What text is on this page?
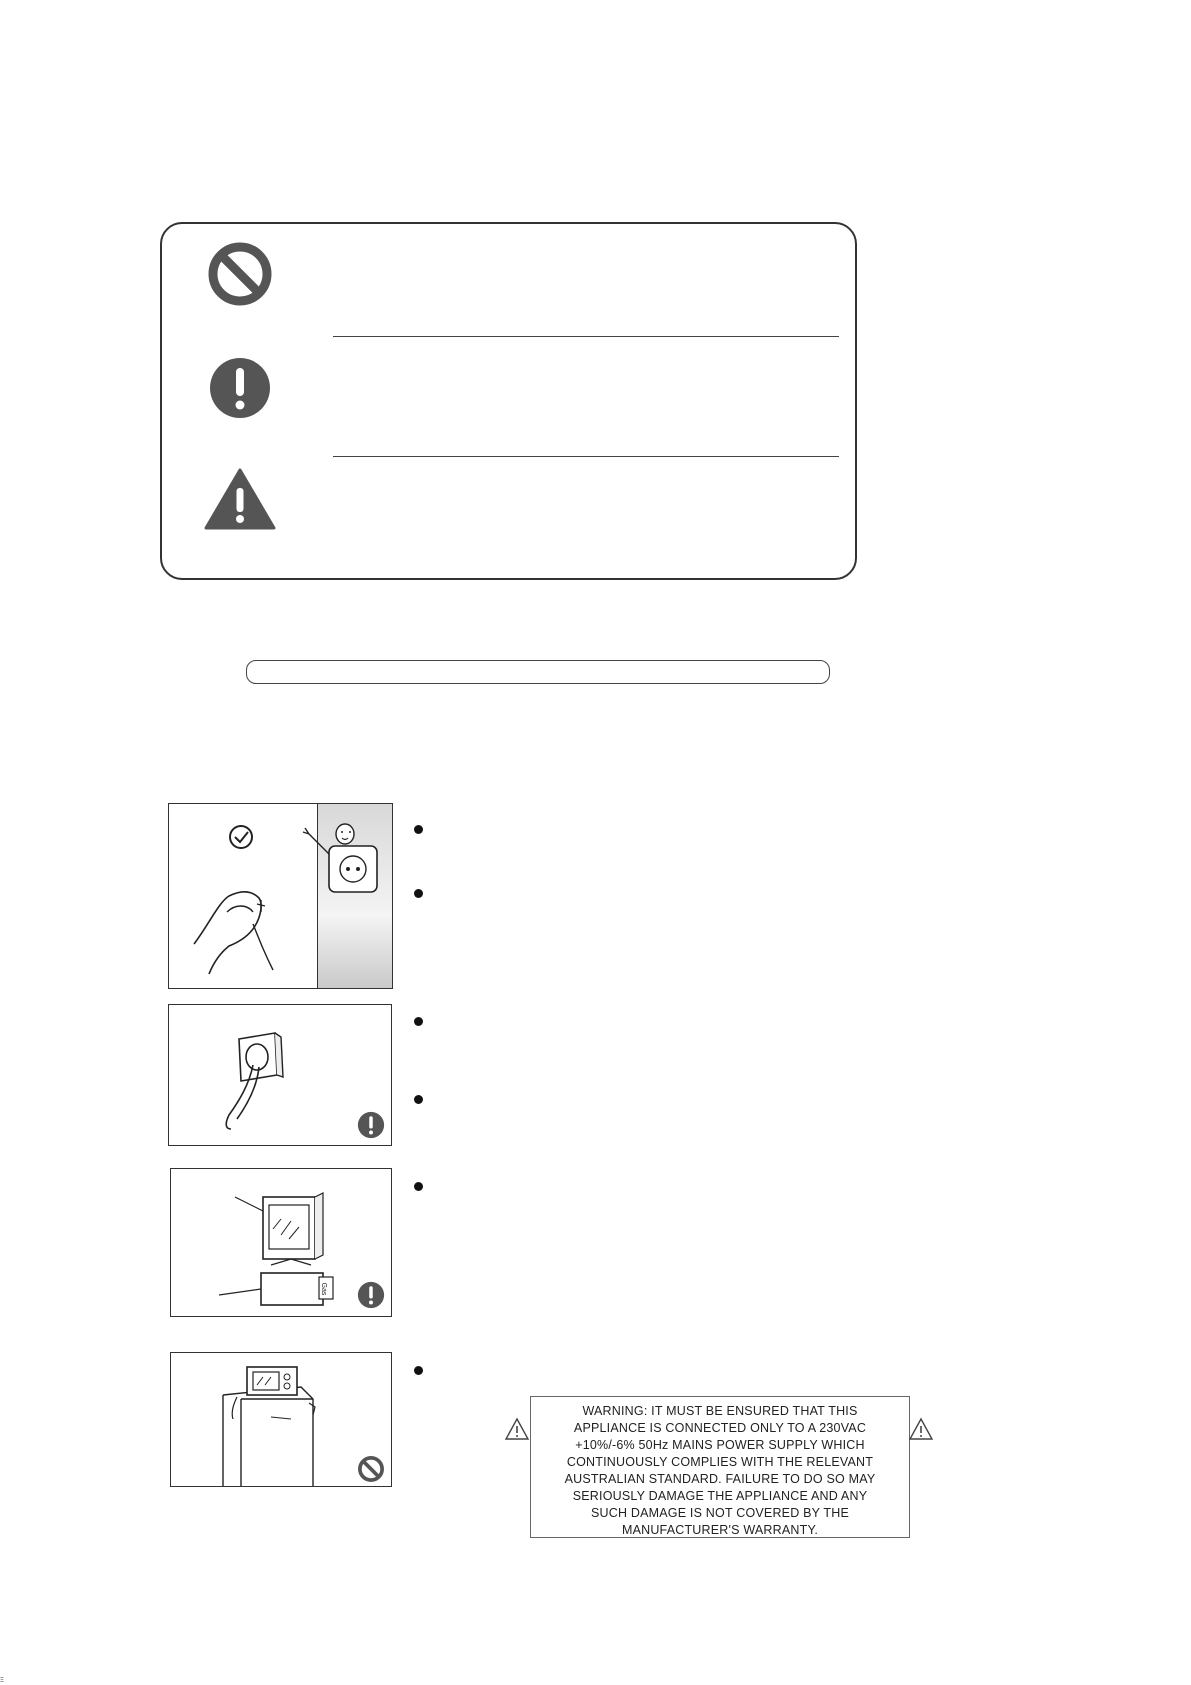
Gas
WARNING: IT MUST BE ENSURED THAT THIS
APPLIANCE IS CONNECTED ONLY TO A 230VAC
+10%/-6% 50Hz MAINS POWER SUPPLY WHICH
CONTINUOUSLY COMPLIES WITH THE RELEVANT
AUSTRALIAN STANDARD. FAILURE TO DO SO MAY
SERIOUSLY DAMAGE THE APPLIANCE AND ANY
SUCH DAMAGE IS NOT COVERED BY THE
MANUFACTURER'S WARRANTY.
Ξ
